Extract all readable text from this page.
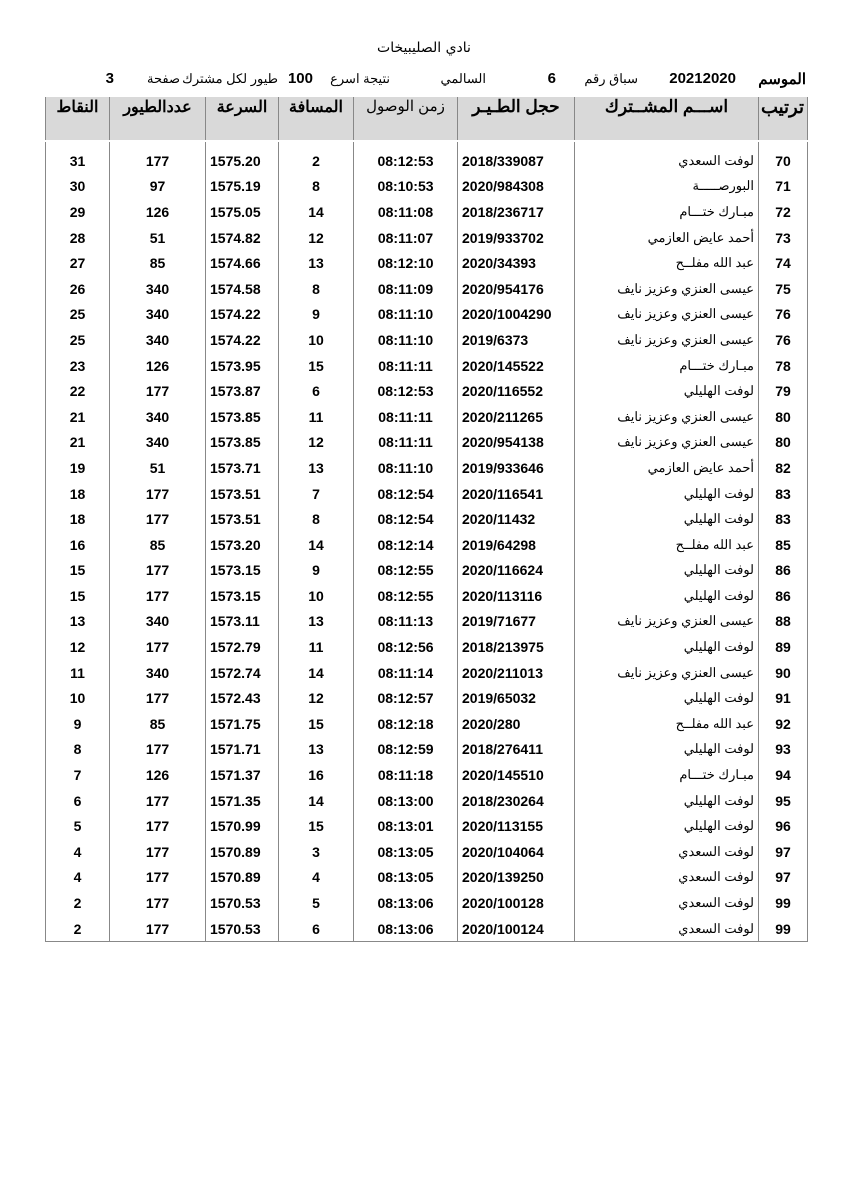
نادي الصليبيخات
الموسم
20212020
سباق رقم
6
السالمي
نتيجة اسرع
100
طيور لكل مشترك
صفحة
3
ترتيب	اســـم المشــترك	حجل الطـيـر	زمن الوصول	المسافة	السرعة	عددالطيور	النقاط
70	لوفت السعدي	2018/339087	08:12:53	2	1575.20	177	31
71	البورصـــــة	2020/984308	08:10:53	8	1575.19	97	30
72	مبـارك ختـــام	2018/236717	08:11:08	14	1575.05	126	29
73	أحمد عايض العازمي	2019/933702	08:11:07	12	1574.82	51	28
74	عبد الله مفلــح	2020/34393	08:12:10	13	1574.66	85	27
75	عيسى العنزي وعزيز نايف	2020/954176	08:11:09	8	1574.58	340	26
76	عيسى العنزي وعزيز نايف	2020/1004290	08:11:10	9	1574.22	340	25
76	عيسى العنزي وعزيز نايف	2019/6373	08:11:10	10	1574.22	340	25
78	مبـارك ختـــام	2020/145522	08:11:11	15	1573.95	126	23
79	لوفت الهليلي	2020/116552	08:12:53	6	1573.87	177	22
80	عيسى العنزي وعزيز نايف	2020/211265	08:11:11	11	1573.85	340	21
80	عيسى العنزي وعزيز نايف	2020/954138	08:11:11	12	1573.85	340	21
82	أحمد عايض العازمي	2019/933646	08:11:10	13	1573.71	51	19
83	لوفت الهليلي	2020/116541	08:12:54	7	1573.51	177	18
83	لوفت الهليلي	2020/11432	08:12:54	8	1573.51	177	18
85	عبد الله مفلــح	2019/64298	08:12:14	14	1573.20	85	16
86	لوفت الهليلي	2020/116624	08:12:55	9	1573.15	177	15
86	لوفت الهليلي	2020/113116	08:12:55	10	1573.15	177	15
88	عيسى العنزي وعزيز نايف	2019/71677	08:11:13	13	1573.11	340	13
89	لوفت الهليلي	2018/213975	08:12:56	11	1572.79	177	12
90	عيسى العنزي وعزيز نايف	2020/211013	08:11:14	14	1572.74	340	11
91	لوفت الهليلي	2019/65032	08:12:57	12	1572.43	177	10
92	عبد الله مفلــح	2020/280	08:12:18	15	1571.75	85	9
93	لوفت الهليلي	2018/276411	08:12:59	13	1571.71	177	8
94	مبـارك ختـــام	2020/145510	08:11:18	16	1571.37	126	7
95	لوفت الهليلي	2018/230264	08:13:00	14	1571.35	177	6
96	لوفت الهليلي	2020/113155	08:13:01	15	1570.99	177	5
97	لوفت السعدي	2020/104064	08:13:05	3	1570.89	177	4
97	لوفت السعدي	2020/139250	08:13:05	4	1570.89	177	4
99	لوفت السعدي	2020/100128	08:13:06	5	1570.53	177	2
99	لوفت السعدي	2020/100124	08:13:06	6	1570.53	177	2
